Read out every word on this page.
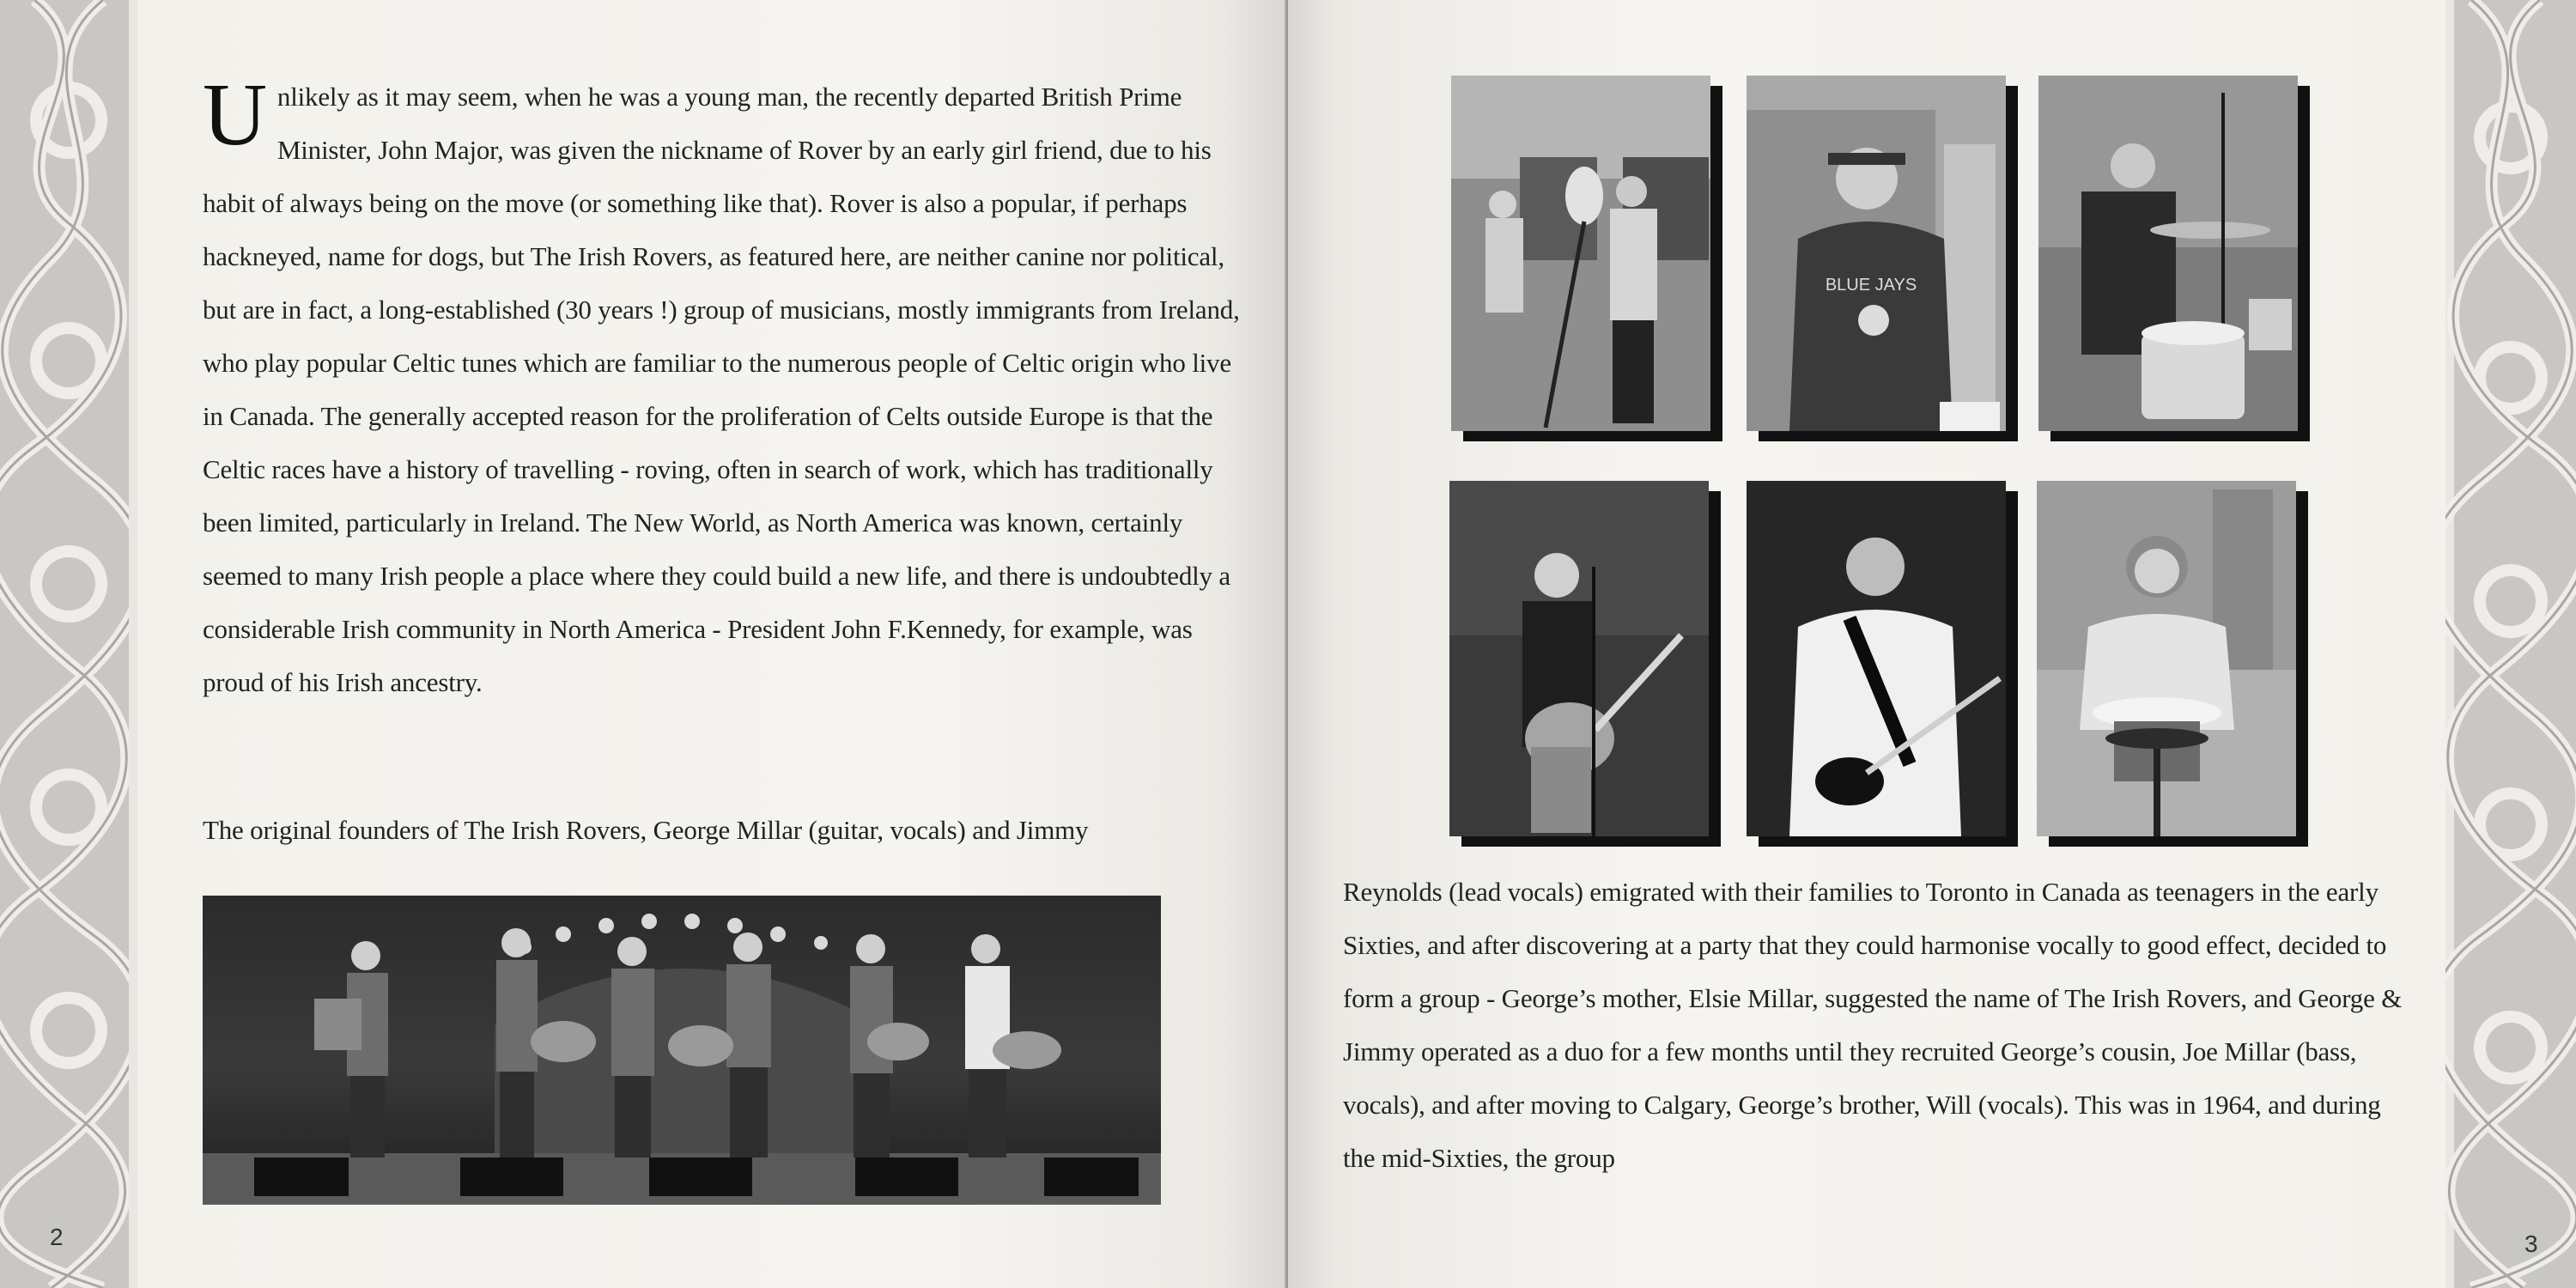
Unlikely as it may seem, when he was a young man, the recently departed British Prime Minister, John Major, was given the nickname of Rover by an early girl friend, due to his habit of always being on the move (or something like that). Rover is also a popular, if perhaps hackneyed, name for dogs, but The Irish Rovers, as featured here, are neither canine nor political, but are in fact, a long-established (30 years !) group of musicians, mostly immigrants from Ireland, who play popular Celtic tunes which are familiar to the numerous people of Celtic origin who live in Canada. The generally accepted reason for the proliferation of Celts outside Europe is that the Celtic races have a history of travelling - roving, often in search of work, which has traditionally been limited, particularly in Ireland. The New World, as North America was known, certainly seemed to many Irish people a place where they could build a new life, and there is undoubtedly a considerable Irish community in North America - President John F.Kennedy, for example, was proud of his Irish ancestry.

The original founders of The Irish Rovers, George Millar (guitar, vocals) and Jimmy

2
BLUE JAYS

Reynolds (lead vocals) emigrated with their families to Toronto in Canada as teenagers in the early Sixties, and after discovering at a party that they could harmonise vocally to good effect, decided to form a group - George’s mother, Elsie Millar, suggested the name of The Irish Rovers, and George & Jimmy operated as a duo for a few months until they recruited George’s cousin, Joe Millar (bass, vocals), and after moving to Calgary, George’s brother, Will (vocals). This was in 1964, and during the mid-Sixties, the group

3
